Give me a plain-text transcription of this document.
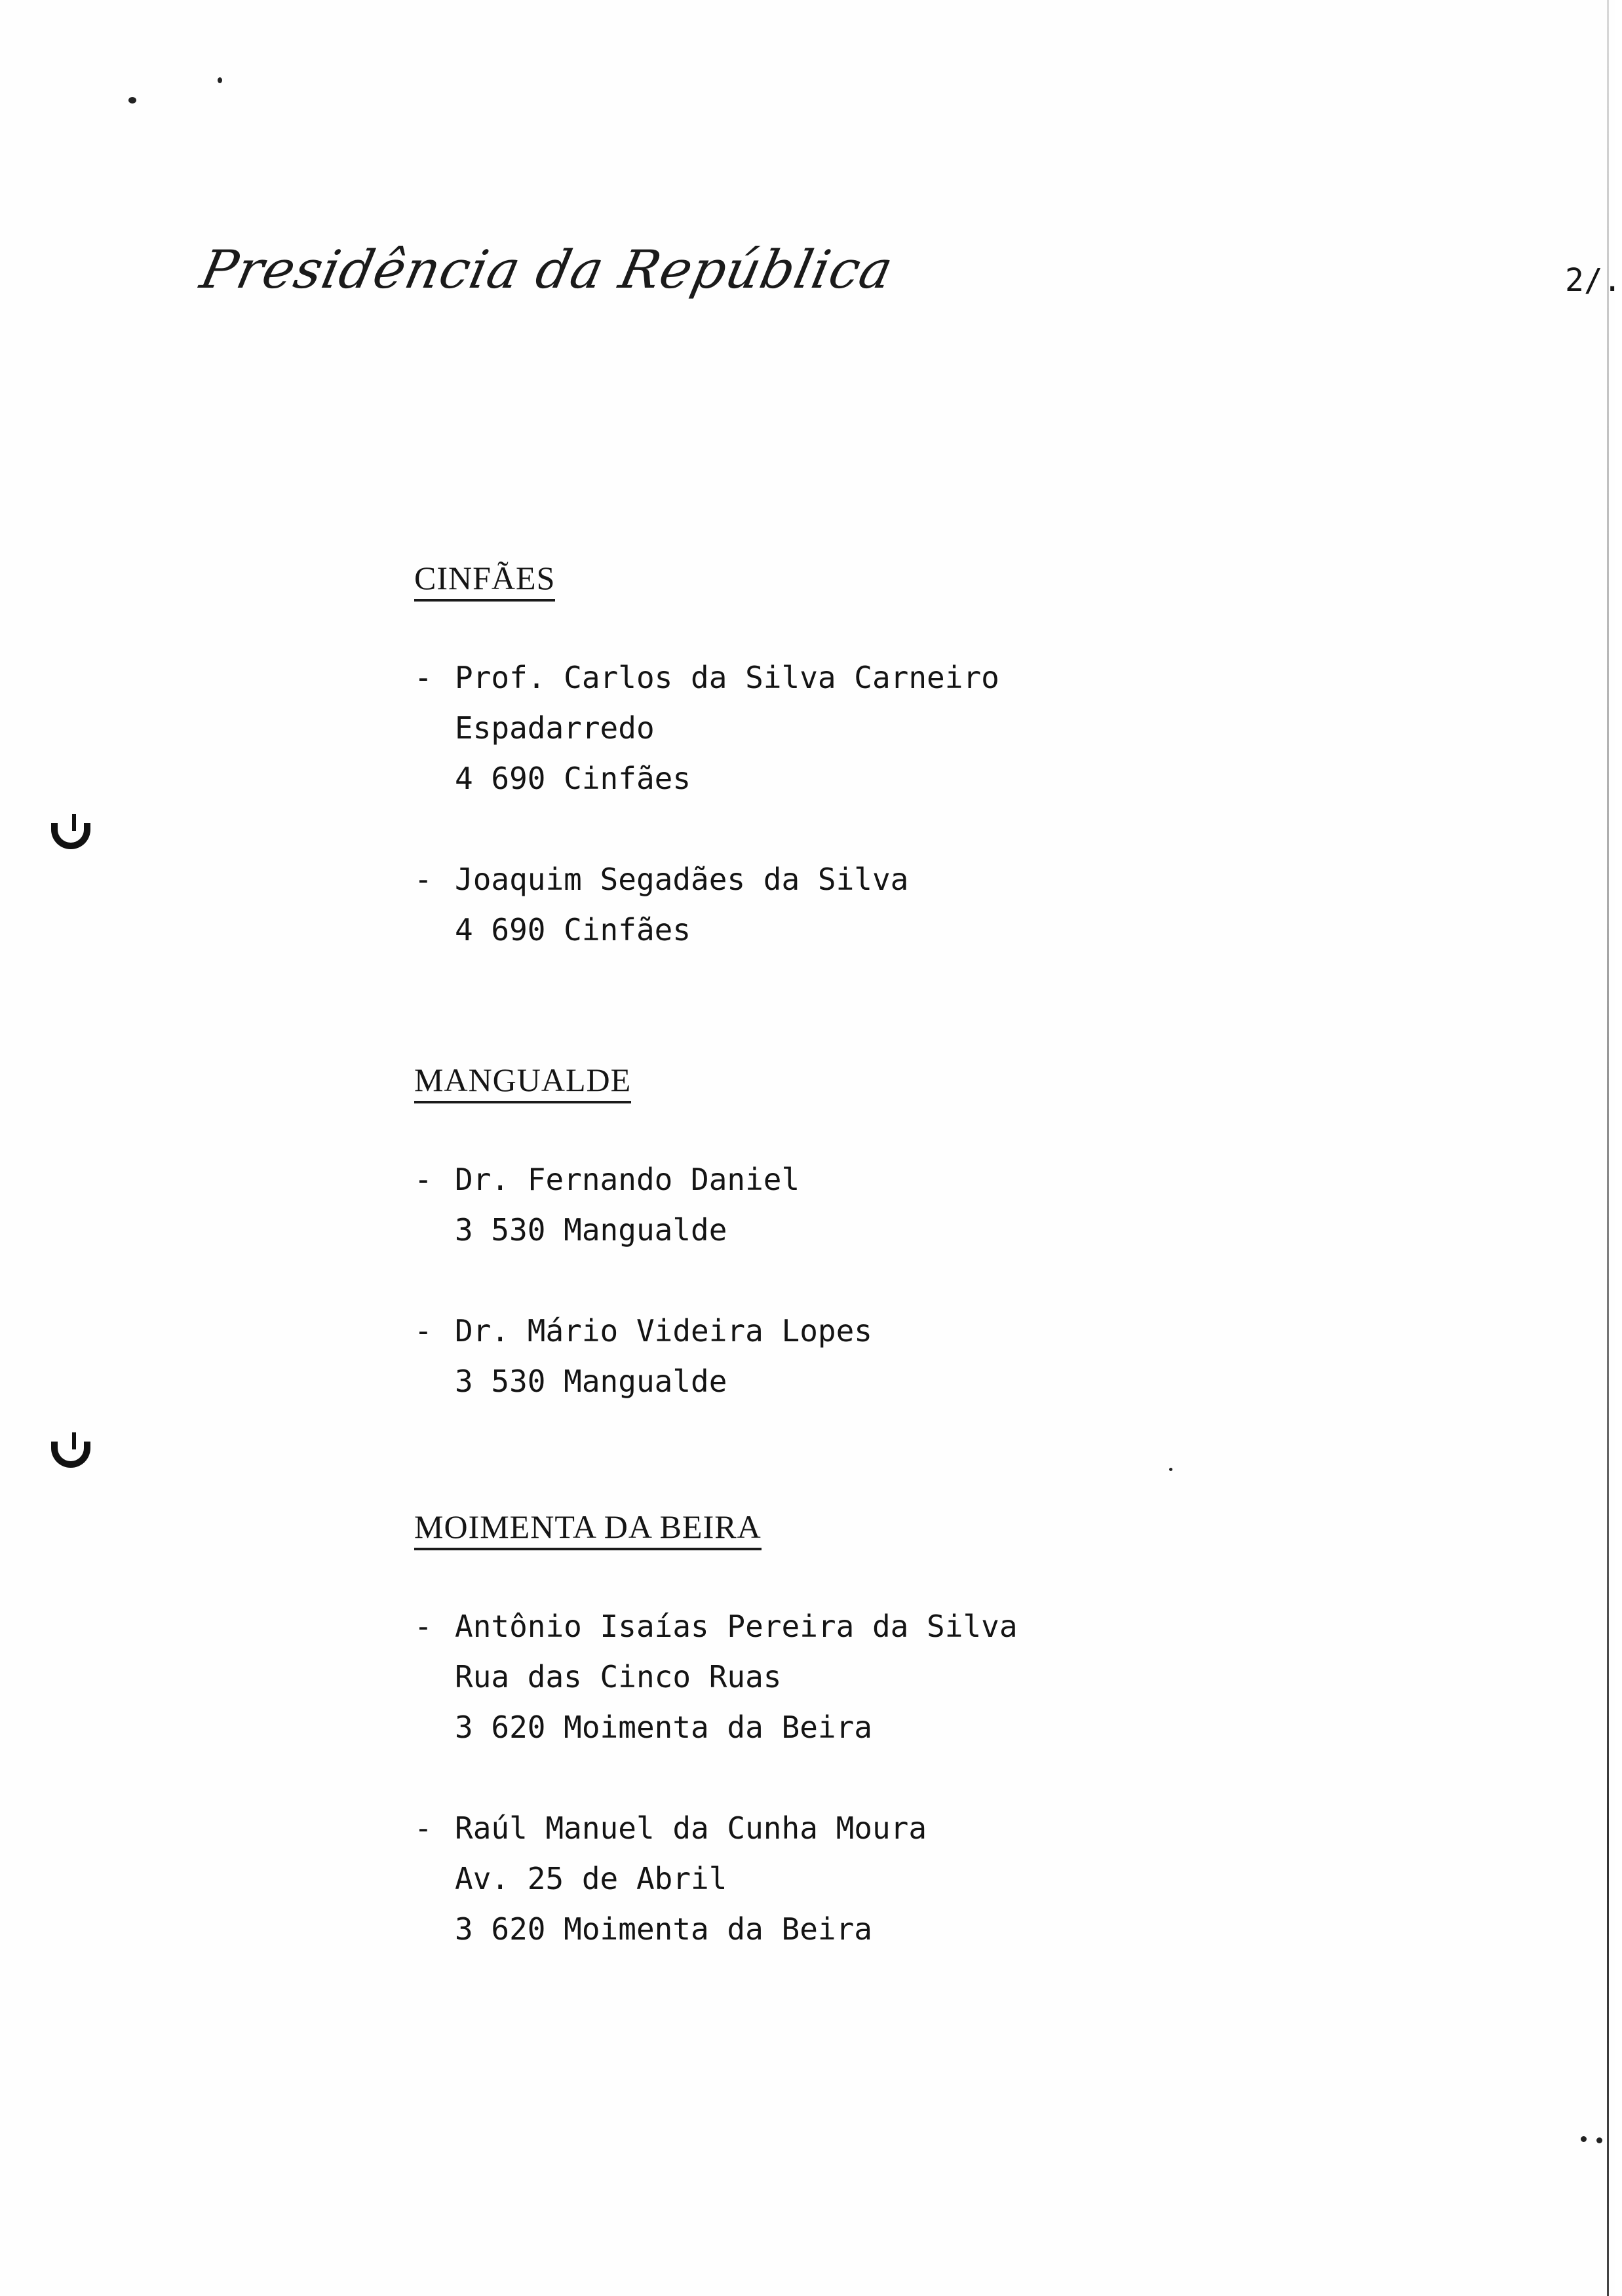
Presidência da República	2/.
CINFÃES
- Prof. Carlos da Silva Carneiro
Espadarredo
4 690 Cinfães
- Joaquim Segadães da Silva
4 690 Cinfães
MANGUALDE
- Dr. Fernando Daniel
3 530 Mangualde
- Dr. Mário Videira Lopes
3 530 Mangualde
MOIMENTA DA BEIRA
- Antônio Isaías Pereira da Silva
Rua das Cinco Ruas
3 620 Moimenta da Beira
- Raúl Manuel da Cunha Moura
Av. 25 de Abril
3 620 Moimenta da Beira
